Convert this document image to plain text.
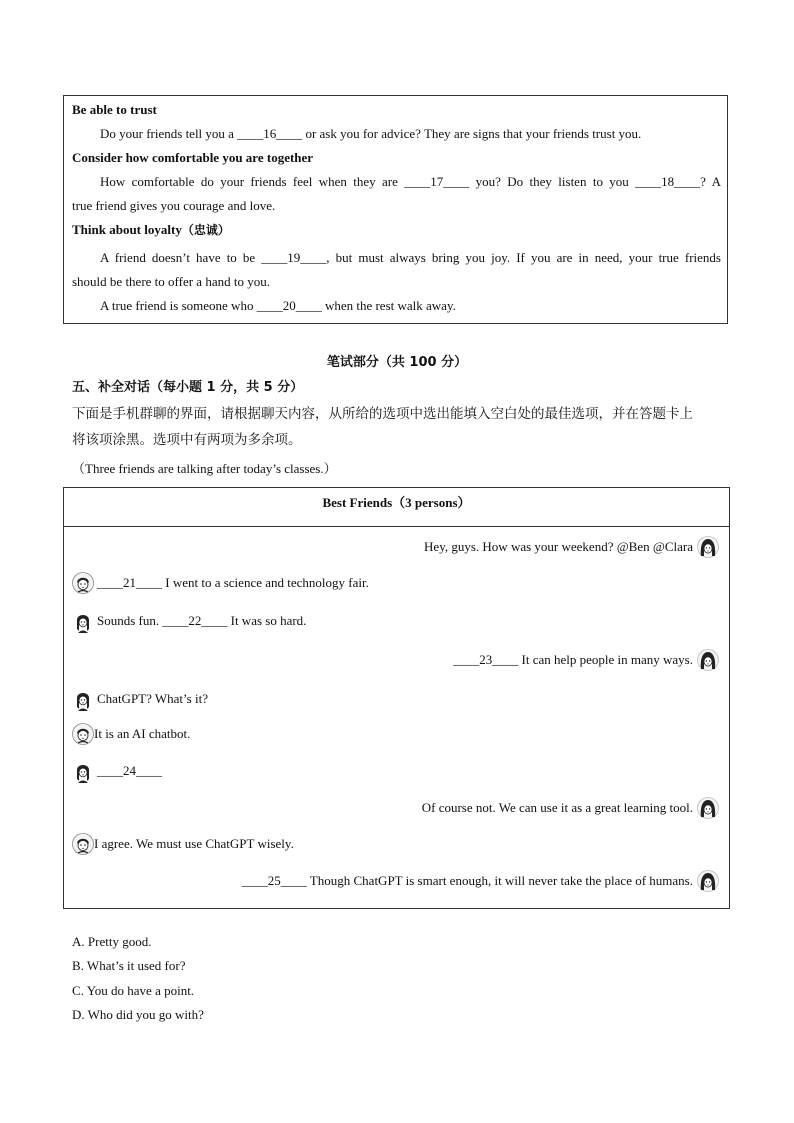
Be able to trust
Do your friends tell you a ____16____ or ask you for advice? They are signs that your friends trust you.
Consider how comfortable you are together
How comfortable do your friends feel when they are ____17____ you? Do they listen to you ____18____? A
true friend gives you courage and love.
Think about loyalty（忠诚）
A friend doesn’t have to be ____19____, but must always bring you joy. If you are in need, your true friends
should be there to offer a hand to you.
A true friend is someone who ____20____ when the rest walk away.
笔试部分（共 100 分）
五、补全对话（每小题 1 分，共 5 分）
下面是手机群聊的界面，请根据聊天内容，从所给的选项中选出能填入空白处的最佳选项，并在答题卡上
将该项涂黑。选项中有两项为多余项。
（Three friends are talking after today’s classes.）
Best Friends（3 persons）
Hey, guys. How was your weekend? @Ben @Clara
____21____ I went to a science and technology fair.
Sounds fun. ____22____ It was so hard.
____23____ It can help people in many ways.
ChatGPT? What’s it?
It is an AI chatbot.
____24____
Of course not. We can use it as a great learning tool.
I agree. We must use ChatGPT wisely.
____25____ Though ChatGPT is smart enough, it will never take the place of humans.
A. Pretty good.
B. What’s it used for?
C. You do have a point.
D. Who did you go with?
